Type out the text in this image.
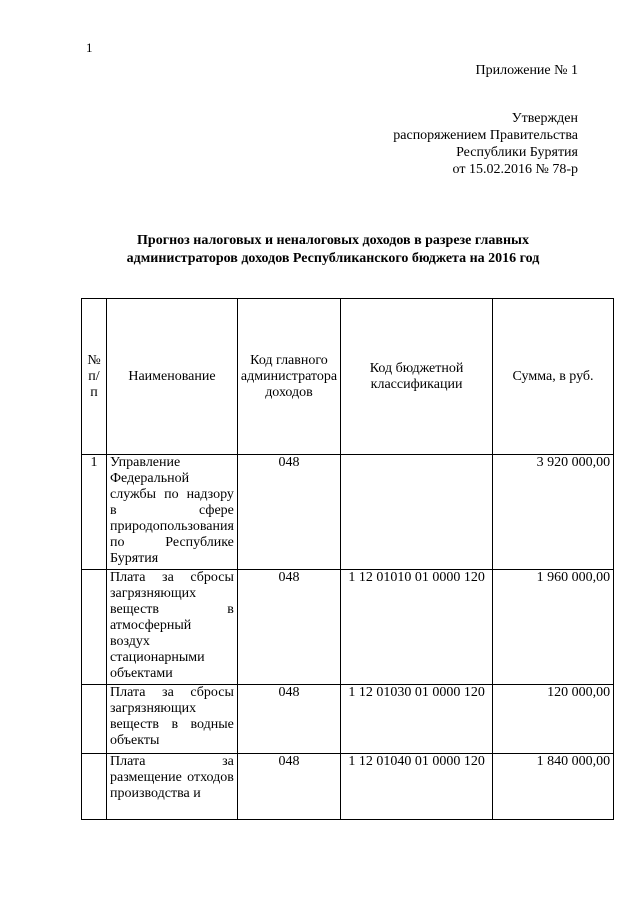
1
Приложение № 1
Утвержден
распоряжением Правительства
Республики Бурятия
от 15.02.2016 № 78-р
Прогноз налоговых и неналоговых доходов в разрезе главных
администраторов доходов Республиканского бюджета на 2016 год
№ п/п	Наименование	Код главного администратора доходов	Код бюджетной классификации	Сумма, в руб.
1	Управление Федеральной службы по надзору в сфере природопользования по Республике Бурятия	048		3 920 000,00
	Плата за сбросы загрязняющих веществ в атмосферный воздух стационарными объектами	048	1 12 01010 01 0000 120	1 960 000,00
	Плата за сбросы загрязняющих веществ в водные объекты	048	1 12 01030 01 0000 120	120 000,00
	Плата за размещение отходов производства и	048	1 12 01040 01 0000 120	1 840 000,00
